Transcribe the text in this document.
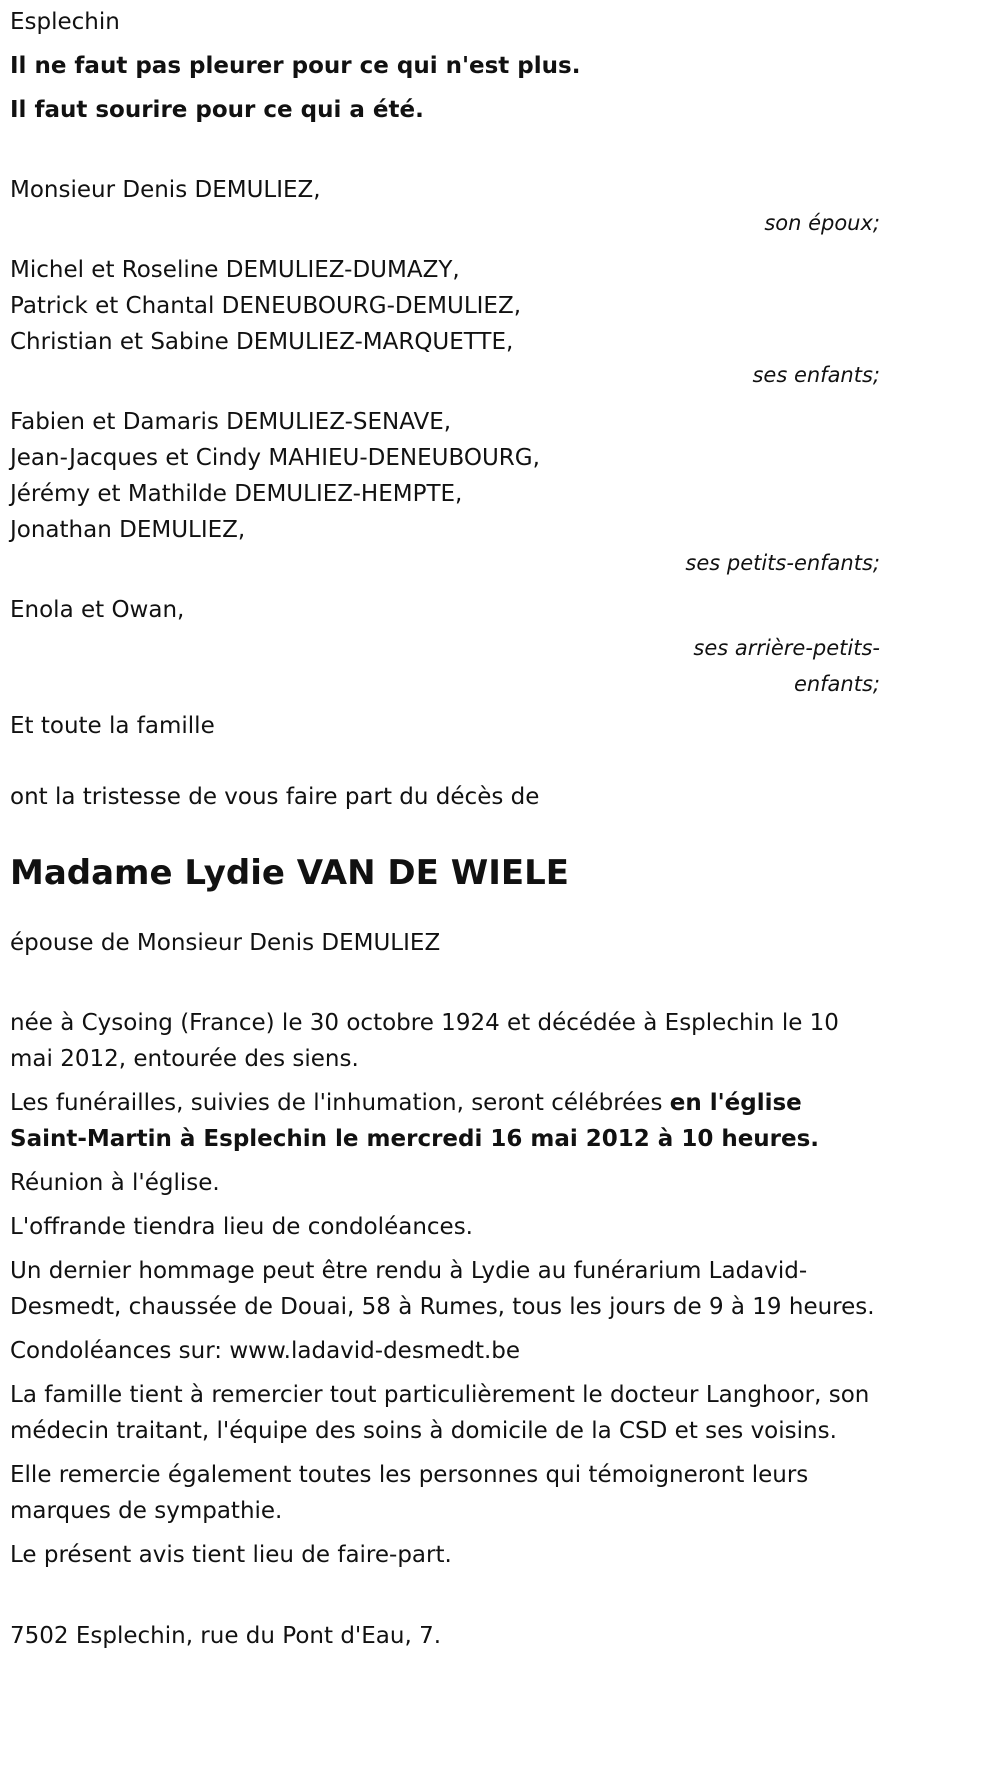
Esplechin
Il ne faut pas pleurer pour ce qui n'est plus.
Il faut sourire pour ce qui a été.
Monsieur Denis DEMULIEZ,
son époux;
Michel et Roseline DEMULIEZ-DUMAZY,
Patrick et Chantal DENEUBOURG-DEMULIEZ,
Christian et Sabine DEMULIEZ-MARQUETTE,
ses enfants;
Fabien et Damaris DEMULIEZ-SENAVE,
Jean-Jacques et Cindy MAHIEU-DENEUBOURG,
Jérémy et Mathilde DEMULIEZ-HEMPTE,
Jonathan DEMULIEZ,
ses petits-enfants;
Enola et Owan,
ses arrière-petits-enfants;
Et toute la famille
ont la tristesse de vous faire part du décès de
Madame Lydie VAN DE WIELE
épouse de Monsieur Denis DEMULIEZ

née à Cysoing (France) le 30 octobre 1924 et décédée à Esplechin le 10 mai 2012, entourée des siens.

Les funérailles, suivies de l'inhumation, seront célébrées en l'église Saint-Martin à Esplechin le mercredi 16 mai 2012 à 10 heures.

Réunion à l'église.

L'offrande tiendra lieu de condoléances.

Un dernier hommage peut être rendu à Lydie au funérarium Ladavid-Desmedt, chaussée de Douai, 58 à Rumes, tous les jours de 9 à 19 heures.

Condoléances sur: www.ladavid-desmedt.be

La famille tient à remercier tout particulièrement le docteur Langhoor, son médecin traitant, l'équipe des soins à domicile de la CSD et ses voisins.

Elle remercie également toutes les personnes qui témoigneront leurs marques de sympathie.

Le présent avis tient lieu de faire-part.

7502 Esplechin, rue du Pont d'Eau, 7.
